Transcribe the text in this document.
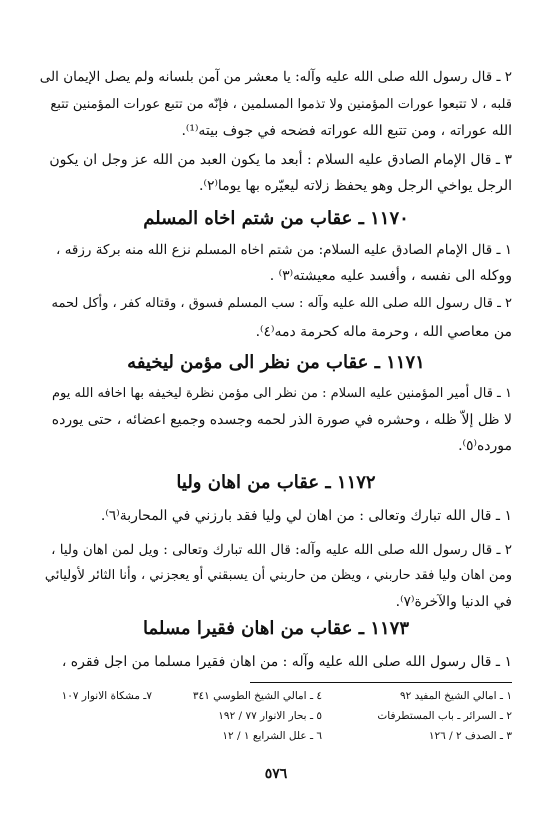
٢ ـ قال رسول الله صلى الله عليه وآله: يا معشر من آمن بلسانه ولم يصل الإيمان الى
قلبه ، لا تتبعوا عورات المؤمنين ولا تذموا المسلمين ، فإنّه من تتبع عورات المؤمنين تتبع
الله عوراته ، ومن تتبع الله عوراته فضحه في جوف بيته⁽¹⁾.
٣ ـ قال الإمام الصادق عليه السلام : أبعد ما يكون العبد من الله عز وجل ان يكون
الرجل يواخي الرجل وهو يحفظ زلاته ليعيّره بها يوما⁽٢⁾.
١١٧٠ ـ عقاب من شتم اخاه المسلم
١ ـ قال الإمام الصادق عليه السلام: من شتم اخاه المسلم نزع الله منه بركة رزقه ،
ووكله الى نفسه ، وأفسد عليه معيشته⁽٣⁾ .
٢ ـ قال رسول الله صلى الله عليه وآله : سب المسلم فسوق ، وقتاله كفر ، وأكل لحمه
من معاصي الله ، وحرمة ماله كحرمة دمه⁽٤⁾.
١١٧١ ـ عقاب من نظر الى مؤمن ليخيفه
١ ـ قال أمير المؤمنين عليه السلام : من نظر الى مؤمن نظرة ليخيفه بها اخافه الله يوم
لا ظل إلاّ ظله ، وحشره في صورة الذر لحمه وجسده وجميع اعضائه ، حتى يورده
مورده⁽٥⁾.
١١٧٢ ـ عقاب من اهان وليا
١ ـ قال الله تبارك وتعالى : من اهان لي وليا فقد بارزني في المحاربة⁽٦⁾.
٢ ـ قال رسول الله صلى الله عليه وآله: قال الله تبارك وتعالى : ويل لمن اهان وليا ،
ومن اهان وليا فقد حاربني ، ويظن من حاربني أن يسبقني أو يعجزني ، وأنا الثائر لأوليائي
في الدنيا والآخرة⁽٧⁾.
١١٧٣ ـ عقاب من اهان فقيرا مسلما
١ ـ قال رسول الله صلى الله عليه وآله : من اهان فقيرا مسلما من اجل فقره ،
١ ـ امالي الشيخ المفيد ٩٢
٢ ـ السرائر ـ باب المستطرفات
٣ ـ الصدف ٢ / ١٢٦
٤ ـ امالي الشيخ الطوسي ٣٤١
٥ ـ بحار الانوار ٧٧ / ١٩٢
٦ ـ علل الشرايع ١ / ١٢
٧ـ مشكاة الانوار ١٠٧
٥٧٦
